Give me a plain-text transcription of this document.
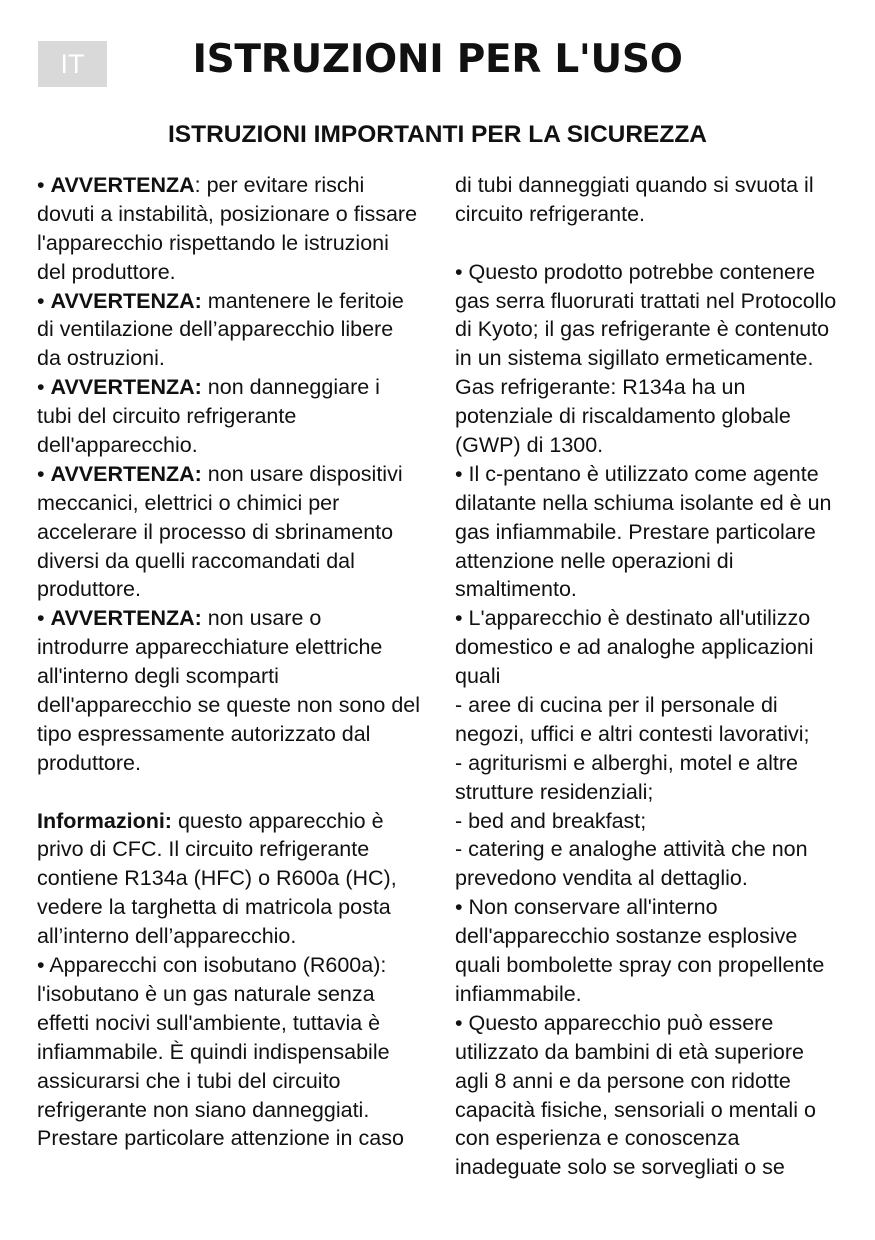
IT	ISTRUZIONI PER L'USO
ISTRUZIONI IMPORTANTI PER LA SICUREZZA
• AVVERTENZA: per evitare rischi
dovuti a instabilità, posizionare o fissare
l'apparecchio rispettando le istruzioni
del produttore.
• AVVERTENZA: mantenere le feritoie
di ventilazione dell’apparecchio libere
da ostruzioni.
• AVVERTENZA: non danneggiare i
tubi del circuito refrigerante
dell'apparecchio.
• AVVERTENZA: non usare dispositivi
meccanici, elettrici o chimici per
accelerare il processo di sbrinamento
diversi da quelli raccomandati dal
produttore.
• AVVERTENZA: non usare o
introdurre apparecchiature elettriche
all'interno degli scomparti
dell'apparecchio se queste non sono del
tipo espressamente autorizzato dal
produttore.
Informazioni: questo apparecchio è
privo di CFC. Il circuito refrigerante
contiene R134a (HFC) o R600a (HC),
vedere la targhetta di matricola posta
all’interno dell’apparecchio.
• Apparecchi con isobutano (R600a):
l'isobutano è un gas naturale senza
effetti nocivi sull'ambiente, tuttavia è
infiammabile. È quindi indispensabile
assicurarsi che i tubi del circuito
refrigerante non siano danneggiati.
Prestare particolare attenzione in caso
di tubi danneggiati quando si svuota il
circuito refrigerante.
• Questo prodotto potrebbe contenere
gas serra fluorurati trattati nel Protocollo
di Kyoto; il gas refrigerante è contenuto
in un sistema sigillato ermeticamente.
Gas refrigerante: R134a ha un
potenziale di riscaldamento globale
(GWP) di 1300.
• Il c-pentano è utilizzato come agente
dilatante nella schiuma isolante ed è un
gas infiammabile. Prestare particolare
attenzione nelle operazioni di
smaltimento.
• L'apparecchio è destinato all'utilizzo
domestico e ad analoghe applicazioni
quali
- aree di cucina per il personale di
negozi, uffici e altri contesti lavorativi;
- agriturismi e alberghi, motel e altre
strutture residenziali;
- bed and breakfast;
- catering e analoghe attività che non
prevedono vendita al dettaglio.
• Non conservare all'interno
dell'apparecchio sostanze esplosive
quali bombolette spray con propellente
infiammabile.
• Questo apparecchio può essere
utilizzato da bambini di età superiore
agli 8 anni e da persone con ridotte
capacità fisiche, sensoriali o mentali o
con esperienza e conoscenza
inadeguate solo se sorvegliati o se
